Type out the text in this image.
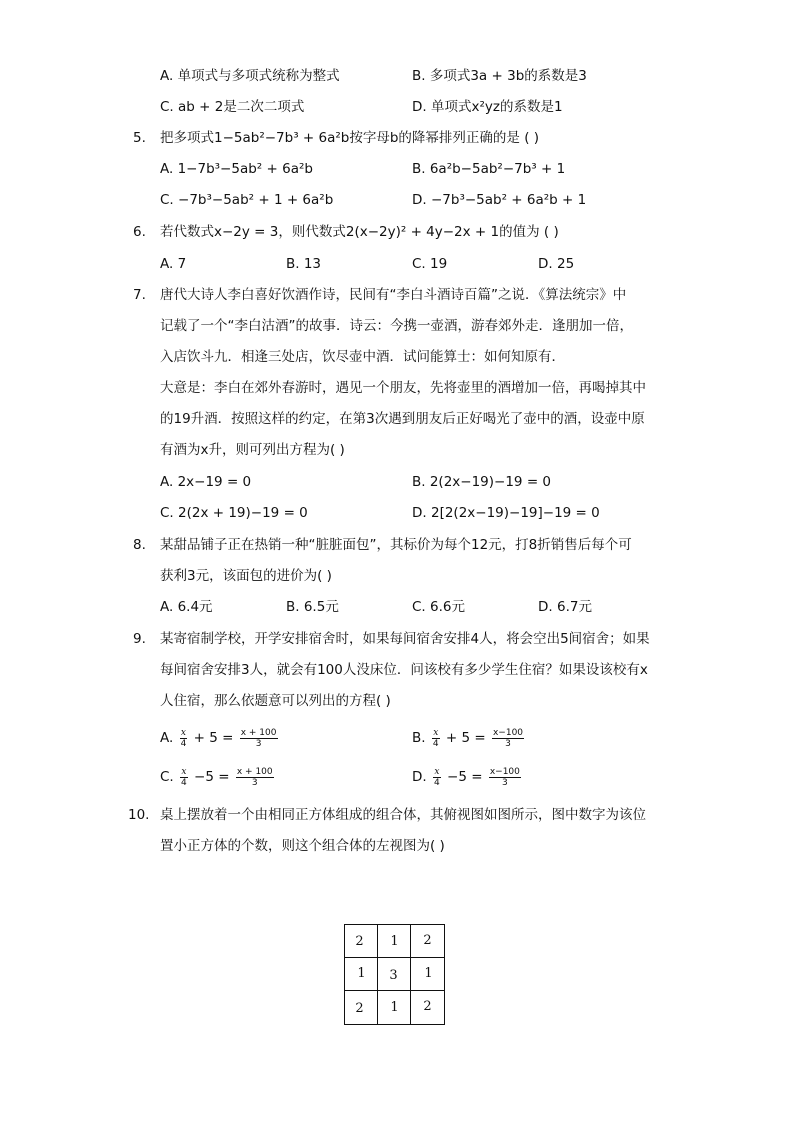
A. 单项式与多项式统称为整式	B. 多项式3a + 3b的系数是3
C. ab + 2是二次二项式	D. 单项式x²yz的系数是1
5. 把多项式1−5ab²−7b³ + 6a²b按字母b的降幂排列正确的是 ( )
A. 1−7b³−5ab² + 6a²b	B. 6a²b−5ab²−7b³ + 1
C. −7b³−5ab² + 1 + 6a²b	D. −7b³−5ab² + 6a²b + 1
6. 若代数式x−2y = 3，则代数式2(x−2y)² + 4y−2x + 1的值为 ( )
A. 7	B. 13	C. 19	D. 25
7. 唐代大诗人李白喜好饮酒作诗，民间有“李白斗酒诗百篇”之说．《算法统宗》中
记载了一个“李白沽酒”的故事．诗云：今携一壶酒，游春郊外走．逢朋加一倍，
入店饮斗九．相逢三处店，饮尽壶中酒．试问能算士：如何知原有．
大意是：李白在郊外春游时，遇见一个朋友，先将壶里的酒增加一倍，再喝掉其中
的19升酒．按照这样的约定，在第3次遇到朋友后正好喝光了壶中的酒，设壶中原
有酒为x升，则可列出方程为( )
A. 2x−19 = 0	B. 2(2x−19)−19 = 0
C. 2(2x + 19)−19 = 0	D. 2[2(2x−19)−19]−19 = 0
8. 某甜品铺子正在热销一种“脏脏面包”，其标价为每个12元，打8折销售后每个可
获利3元，该面包的进价为( )
A. 6.4元	B. 6.5元	C. 6.6元	D. 6.7元
9. 某寄宿制学校，开学安排宿舍时，如果每间宿舍安排4人，将会空出5间宿舍；如果
每间宿舍安排3人，就会有100人没床位．问该校有多少学生住宿？如果设该校有x
人住宿，那么依题意可以列出的方程( )
A. $\frac{x}{4} + 5 = \frac{x + 100}{3}$	B. $\frac{x}{4} + 5 = \frac{x-100}{3}$
C. $\frac{x}{4} -5 = \frac{x + 100}{3}$	D. $\frac{x}{4} -5 = \frac{x-100}{3}$
10. 桌上摆放着一个由相同正方体组成的组合体，其俯视图如图所示，图中数字为该位
置小正方体的个数，则这个组合体的左视图为( )
2	1	2
1	3	1
2	1	2
